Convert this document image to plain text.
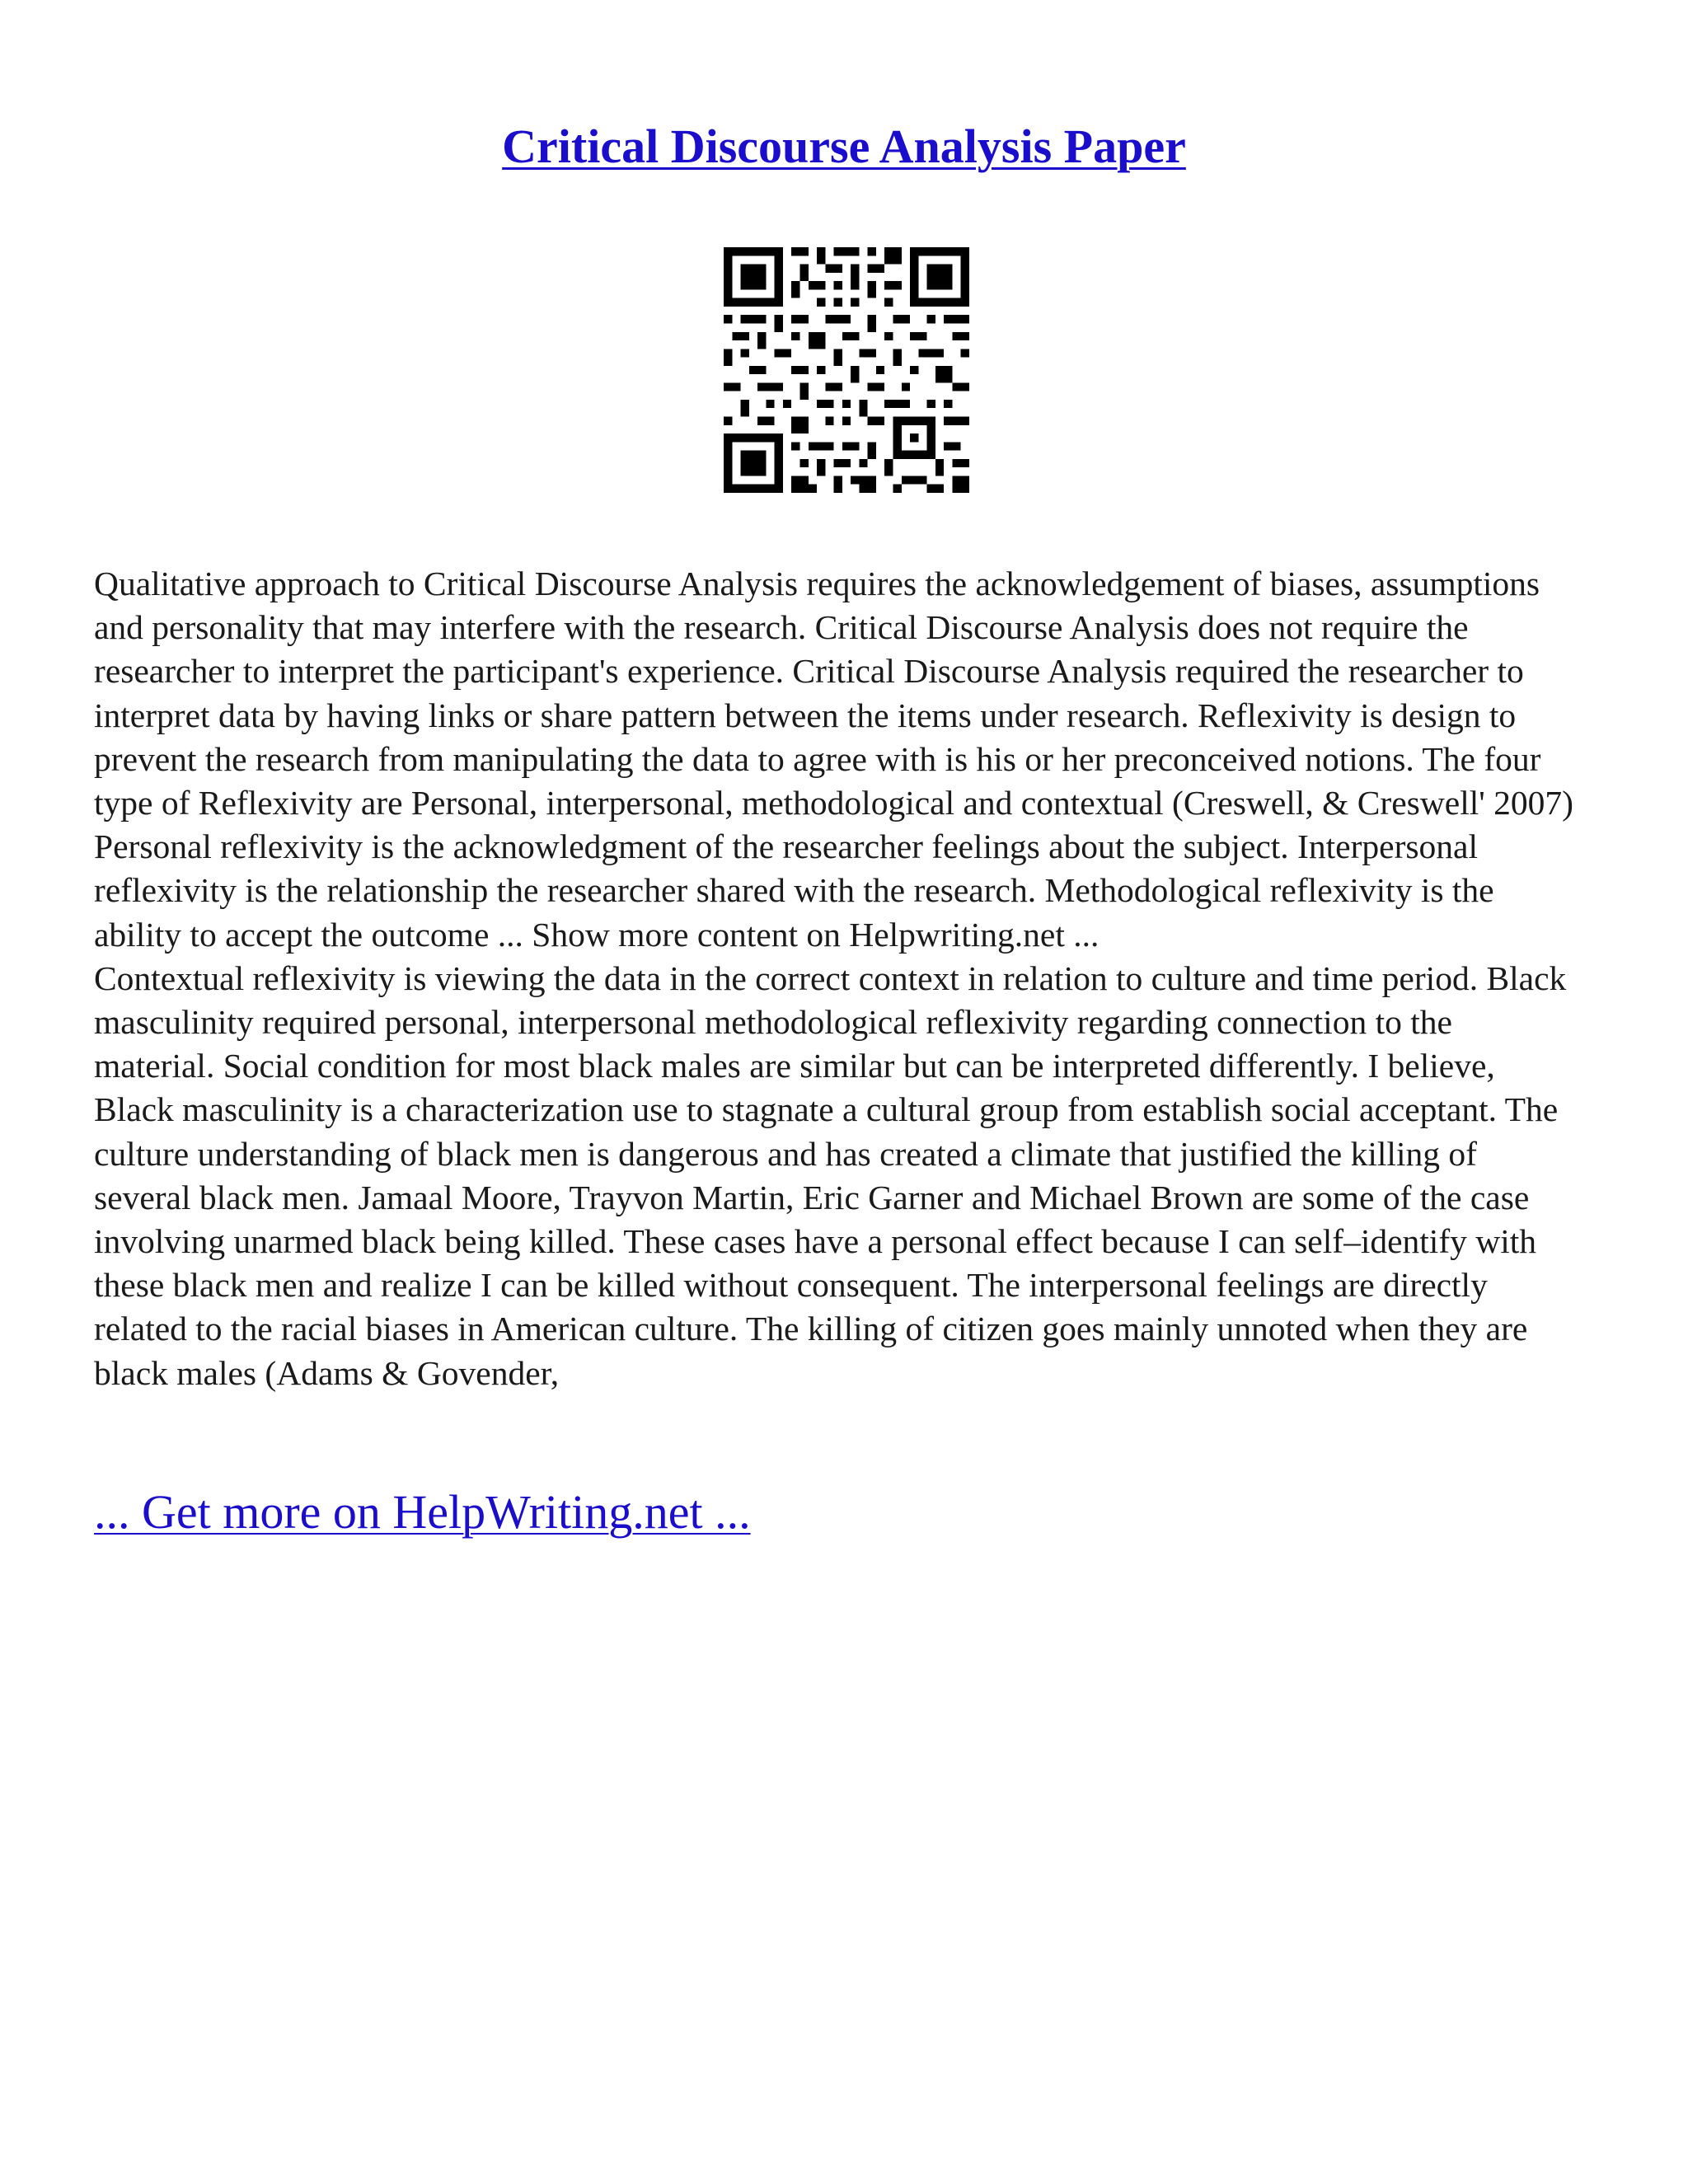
Critical Discourse Analysis Paper

Qualitative approach to Critical Discourse Analysis requires the acknowledgement of biases, assumptions and personality that may interfere with the research. Critical Discourse Analysis does not require the researcher to interpret the participant's experience. Critical Discourse Analysis required the researcher to interpret data by having links or share pattern between the items under research. Reflexivity is design to prevent the research from manipulating the data to agree with is his or her preconceived notions. The four type of Reflexivity are Personal, interpersonal, methodological and contextual (Creswell, & Creswell' 2007) Personal reflexivity is the acknowledgment of the researcher feelings about the subject. Interpersonal reflexivity is the relationship the researcher shared with the research. Methodological reflexivity is the ability to accept the outcome ... Show more content on Helpwriting.net ...

Contextual reflexivity is viewing the data in the correct context in relation to culture and time period. Black masculinity required personal, interpersonal methodological reflexivity regarding connection to the material. Social condition for most black males are similar but can be interpreted differently. I believe, Black masculinity is a characterization use to stagnate a cultural group from establish social acceptant. The culture understanding of black men is dangerous and has created a climate that justified the killing of several black men. Jamaal Moore, Trayvon Martin, Eric Garner and Michael Brown are some of the case involving unarmed black being killed. These cases have a personal effect because I can self–identify with these black men and realize I can be killed without consequent. The interpersonal feelings are directly related to the racial biases in American culture. The killing of citizen goes mainly unnoted when they are black males (Adams & Govender,

... Get more on HelpWriting.net ...
